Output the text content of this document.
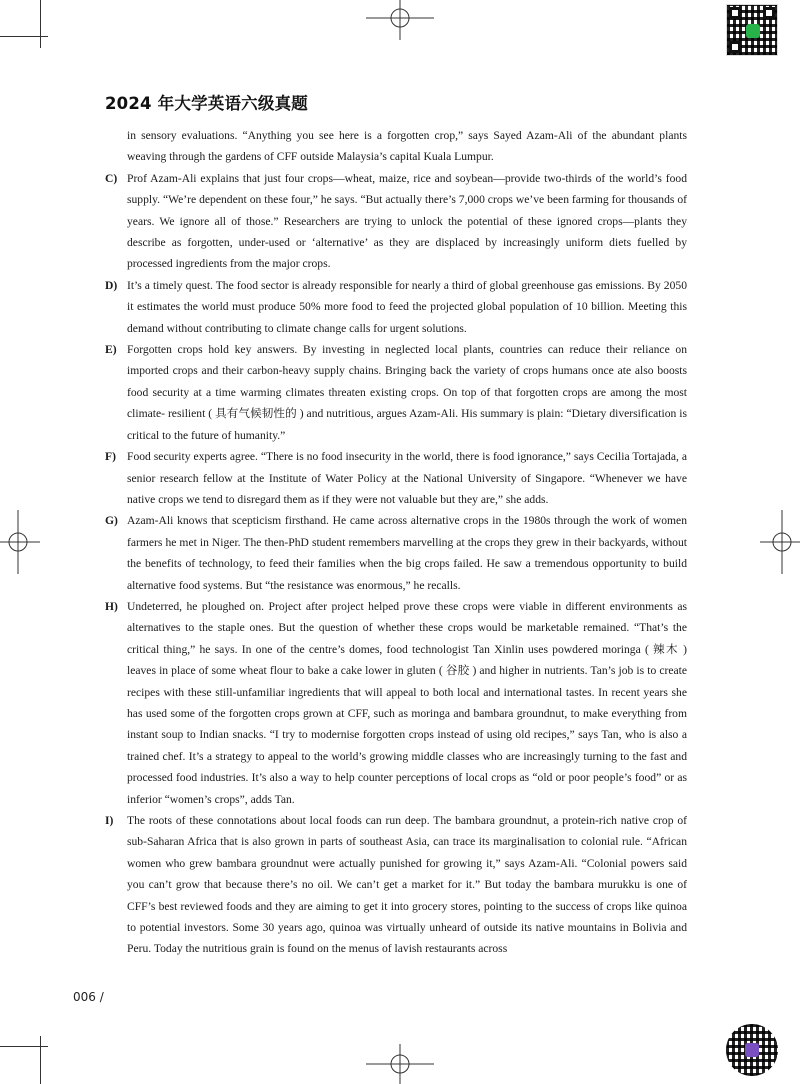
2024 年大学英语六级真题
in sensory evaluations. “Anything you see here is a forgotten crop,” says Sayed Azam-Ali of the abundant plants weaving through the gardens of CFF outside Malaysia’s capital Kuala Lumpur.
C) Prof Azam-Ali explains that just four crops—wheat, maize, rice and soybean—provide two-thirds of the world’s food supply. “We’re dependent on these four,” he says. “But actually there’s 7,000 crops we’ve been farming for thousands of years. We ignore all of those.” Researchers are trying to unlock the potential of these ignored crops—plants they describe as forgotten, under-used or ‘alternative’ as they are displaced by increasingly uniform diets fuelled by processed ingredients from the major crops.
D) It’s a timely quest. The food sector is already responsible for nearly a third of global greenhouse gas emissions. By 2050 it estimates the world must produce 50% more food to feed the projected global population of 10 billion. Meeting this demand without contributing to climate change calls for urgent solutions.
E) Forgotten crops hold key answers. By investing in neglected local plants, countries can reduce their reliance on imported crops and their carbon-heavy supply chains. Bringing back the variety of crops humans once ate also boosts food security at a time warming climates threaten existing crops. On top of that forgotten crops are among the most climate- resilient ( 具有气候韧性的 ) and nutritious, argues Azam-Ali. His summary is plain: “Dietary diversification is critical to the future of humanity.”
F) Food security experts agree. “There is no food insecurity in the world, there is food ignorance,” says Cecilia Tortajada, a senior research fellow at the Institute of Water Policy at the National University of Singapore. “Whenever we have native crops we tend to disregard them as if they were not valuable but they are,” she adds.
G) Azam-Ali knows that scepticism firsthand. He came across alternative crops in the 1980s through the work of women farmers he met in Niger. The then-PhD student remembers marvelling at the crops they grew in their backyards, without the benefits of technology, to feed their families when the big crops failed. He saw a tremendous opportunity to build alternative food systems. But “the resistance was enormous,” he recalls.
H) Undeterred, he ploughed on. Project after project helped prove these crops were viable in different environments as alternatives to the staple ones. But the question of whether these crops would be marketable remained. “That’s the critical thing,” he says. In one of the centre’s domes, food technologist Tan Xinlin uses powdered moringa ( 辣木 ) leaves in place of some wheat flour to bake a cake lower in gluten ( 谷胶 ) and higher in nutrients. Tan’s job is to create recipes with these still-unfamiliar ingredients that will appeal to both local and international tastes. In recent years she has used some of the forgotten crops grown at CFF, such as moringa and bambara groundnut, to make everything from instant soup to Indian snacks. “I try to modernise forgotten crops instead of using old recipes,” says Tan, who is also a trained chef. It’s a strategy to appeal to the world’s growing middle classes who are increasingly turning to the fast and processed food industries. It’s also a way to help counter perceptions of local crops as “old or poor people’s food” or as inferior “women’s crops”, adds Tan.
I)	The roots of these connotations about local foods can run deep. The bambara groundnut, a protein-rich native crop of sub-Saharan Africa that is also grown in parts of southeast Asia, can trace its marginalisation to colonial rule. “African women who grew bambara groundnut were actually punished for growing it,” says Azam-Ali. “Colonial powers said you can’t grow that because there’s no oil. We can’t get a market for it.” But today the bambara murukku is one of CFF’s best reviewed foods and they are aiming to get it into grocery stores, pointing to the success of crops like quinoa to potential investors. Some 30 years ago, quinoa was virtually unheard of outside its native mountains in Bolivia and Peru. Today the nutritious grain is found on the menus of lavish restaurants across
006 /
